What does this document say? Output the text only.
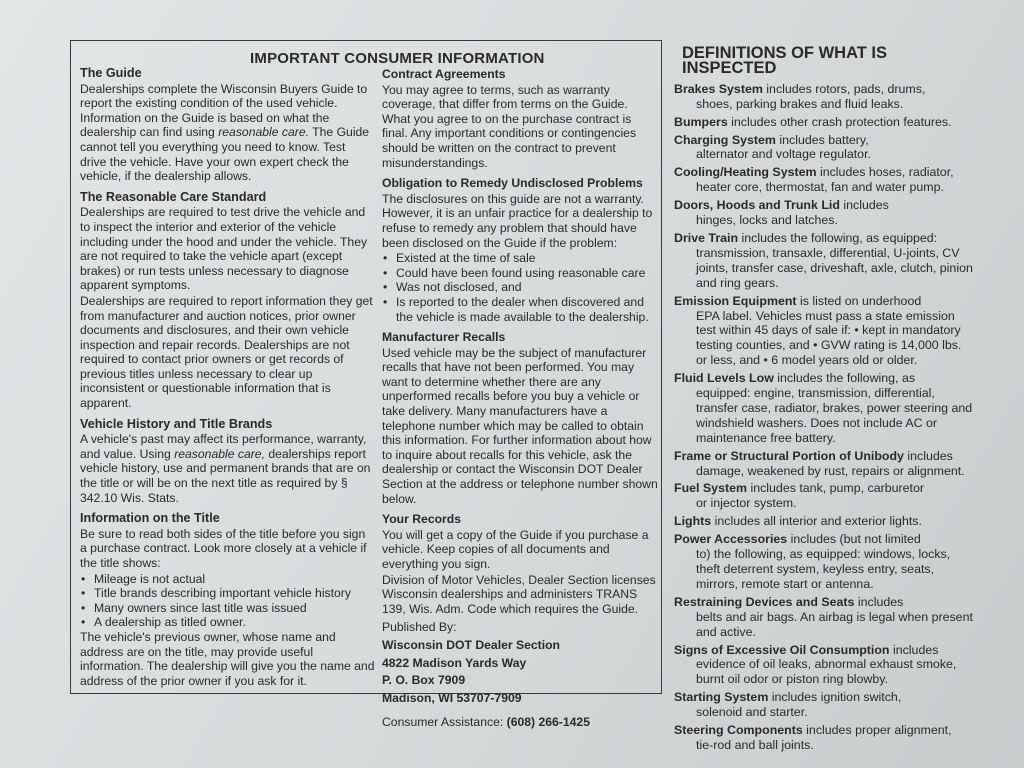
IMPORTANT CONSUMER INFORMATION
The Guide

Dealerships complete the Wisconsin Buyers Guide to report the existing condition of the used vehicle. Information on the Guide is based on what the dealership can find using reasonable care. The Guide cannot tell you everything you need to know. Test drive the vehicle. Have your own expert check the vehicle, if the dealership allows.

The Reasonable Care Standard

Dealerships are required to test drive the vehicle and to inspect the interior and exterior of the vehicle including under the hood and under the vehicle. They are not required to take the vehicle apart (except brakes) or run tests unless necessary to diagnose apparent symptoms.

Dealerships are required to report information they get from manufacturer and auction notices, prior owner documents and disclosures, and their own vehicle inspection and repair records. Dealerships are not required to contact prior owners or get records of previous titles unless necessary to clear up inconsistent or questionable information that is apparent.

Vehicle History and Title Brands

A vehicle's past may affect its performance, warranty, and value. Using reasonable care, dealerships report vehicle history, use and permanent brands that are on the title or will be on the next title as required by § 342.10 Wis. Stats.

Information on the Title

Be sure to read both sides of the title before you sign a purchase contract. Look more closely at a vehicle if the title shows:

• Mileage is not actual
• Title brands describing important vehicle history
• Many owners since last title was issued
• A dealership as titled owner.

The vehicle's previous owner, whose name and address are on the title, may provide useful information. The dealership will give you the name and address of the prior owner if you ask for it.

Contract Agreements

You may agree to terms, such as warranty coverage, that differ from terms on the Guide. What you agree to on the purchase contract is final. Any important conditions or contingencies should be written on the contract to prevent misunderstandings.

Obligation to Remedy Undisclosed Problems

The disclosures on this guide are not a warranty. However, it is an unfair practice for a dealership to refuse to remedy any problem that should have been disclosed on the Guide if the problem:

• Existed at the time of sale
• Could have been found using reasonable care
• Was not disclosed, and
• Is reported to the dealer when discovered and the vehicle is made available to the dealership.
Manufacturer Recalls

Used vehicle may be the subject of manufacturer recalls that have not been performed. You may want to determine whether there are any unperformed recalls before you buy a vehicle or take delivery. Many manufacturers have a telephone number which may be called to obtain this information. For further information about how to inquire about recalls for this vehicle, ask the dealership or contact the Wisconsin DOT Dealer Section at the address or telephone number shown below.

Your Records

You will get a copy of the Guide if you purchase a vehicle. Keep copies of all documents and everything you sign.

Division of Motor Vehicles, Dealer Section licenses Wisconsin dealerships and administers TRANS 139, Wis. Adm. Code which requires the Guide.

Published By:

Wisconsin DOT Dealer Section

4822 Madison Yards Way

P. O. Box 7909

Madison, WI 53707-7909

Consumer Assistance: (608) 266-1425
DEFINITIONS OF WHAT IS INSPECTED
Brakes System includes rotors, pads, drums,
shoes, parking brakes and fluid leaks.
Bumpers includes other crash protection features.
Charging System includes battery,
alternator and voltage regulator.
Cooling/Heating System includes hoses, radiator,
heater core, thermostat, fan and water pump.
Doors, Hoods and Trunk Lid includes
hinges, locks and latches.
Drive Train includes the following, as equipped:
transmission, transaxle, differential, U-joints, CV joints, transfer case, driveshaft, axle, clutch, pinion and ring gears.
Emission Equipment is listed on underhood
EPA label. Vehicles must pass a state emission test within 45 days of sale if: • kept in mandatory testing counties, and • GVW rating is 14,000 lbs. or less, and • 6 model years old or older.
Fluid Levels Low includes the following, as
equipped: engine, transmission, differential, transfer case, radiator, brakes, power steering and windshield washers. Does not include AC or maintenance free battery.
Frame or Structural Portion of Unibody includes
damage, weakened by rust, repairs or alignment.
Fuel System includes tank, pump, carburetor
or injector system.
Lights includes all interior and exterior lights.
Power Accessories includes (but not limited
to) the following, as equipped: windows, locks, theft deterrent system, keyless entry, seats, mirrors, remote start or antenna.
Restraining Devices and Seats includes
belts and air bags. An airbag is legal when present and active.
Signs of Excessive Oil Consumption includes
evidence of oil leaks, abnormal exhaust smoke, burnt oil odor or piston ring blowby.
Starting System includes ignition switch,
solenoid and starter.
Steering Components includes proper alignment,
tie-rod and ball joints.
